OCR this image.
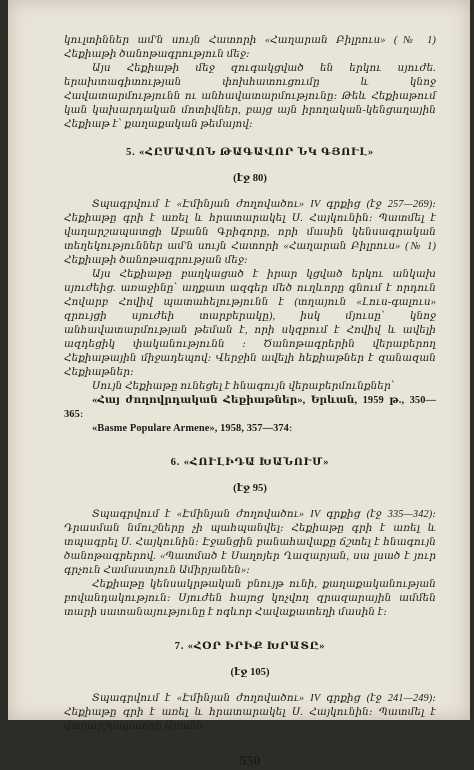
կուլտիններ ամ'ն սույն Հատորի «Հաղարան Բիլրուս» (№ 1) Հեքիաթի ծանոթագրություն մեջ։

Այս Հեքիաթի մեջ զուգակցված են երկու սյուժե. երախտագիտության փոխհատուցումը և կնոջ Հավատարմությունն ու անհավատարմությունը։ Թեև Հեքիաթում կան կախարդական մոտիվներ, բայց այն իրողական-կենցաղային Հեքիաթ է՝ քաղաքական թեմայով։

5. «ՀԸՄԱՎՈՆ ԹԱԳԱՎՈՐ ՆԿ ԳՅՈՒԼ»
(էջ 80)

Տպագրվում է «Էմինյան ժողովածու» IV գրքից (էջ 257—269)։ Հեքիաթը գրի է առել և հրատարակել Ս. Հայկունին։ Պատմել է վաղարշապատցի Աբանն Գրիգորը, որի մասին կենսագրական տեղեկություններ ամ'ն սույն Հատորի «Հաղարան Բիլրուս» (№ 1) Հեքիաթի ծանոթագրության մեջ։

Այս Հեքիաթը բաղկացած է իրար կցված երկու անկախ սյուժեից. առաջինը՝ աղքատ ազգեր մեծ ուղևորը գնում է որդուն Հովարբ Հովիվ պատահելությունն է (տղայուն «Լուս-գալուս» զրույցի սյուժեի տարբերակը), իսկ մյուսը՝ կնոջ անհավատարմության թեման է, որի սկզբում է Հովիվ և ավելի ազդեցիկ փականությունն ։ Ծանոթագրերին վերաբերող Հեքիաթային միջադեպով։ Վերջին ավելի հեքիաթներ է զանազան Հեքիաթներ։

Սույն Հեքիաթը ունեցել է հնագույն վերաբերմունքներ՝

«Հայ ժողովրդական Հեքիաթներ», Երևան, 1959 թ., 350—365։

«Basme Populare Armene», 1958, 357—374։

6. «ՀՈՒԼԻԴԱ ԽԱՆՈՒՄ»
(էջ 95)

Տպագրվում է «Էմինյան ժողովածու» IV գրքից (էջ 335—342)։ Դրասման նմուշները չի պահպանվել։ Հեքիաթը գրի է առել և տպագրել Ս. Հայկունին։ Էջանցին բանահավաքը ճշտել է հնագույն ծանոթագրերով. «Պատմած է Սաղոյեր Ղազարյան, սա լսած է յուր գրչուն Համաստյուն Ամիրյանեն»։

Հեքիաթը կենսակրթական բնույթ ունի, քաղաքականության բովանդակություն։ Սյուժեն հայոց կոչվող զրազարային ամմեն տարի սատանայությունը է ոգևոր Հավաքատեղի մասին է։

7. «ՀՕՐ ԻՐԻՔ ԽՐԱՏԸ»
(էջ 105)

Տպագրվում է «Էմինյան ժողովածու» IV գրքից (էջ 241—249)։ Հեքիաթը գրի է առել և հրատարակել Ս. Հայկունին։ Պատմել է վաղարշապատցի Աբանն

550
